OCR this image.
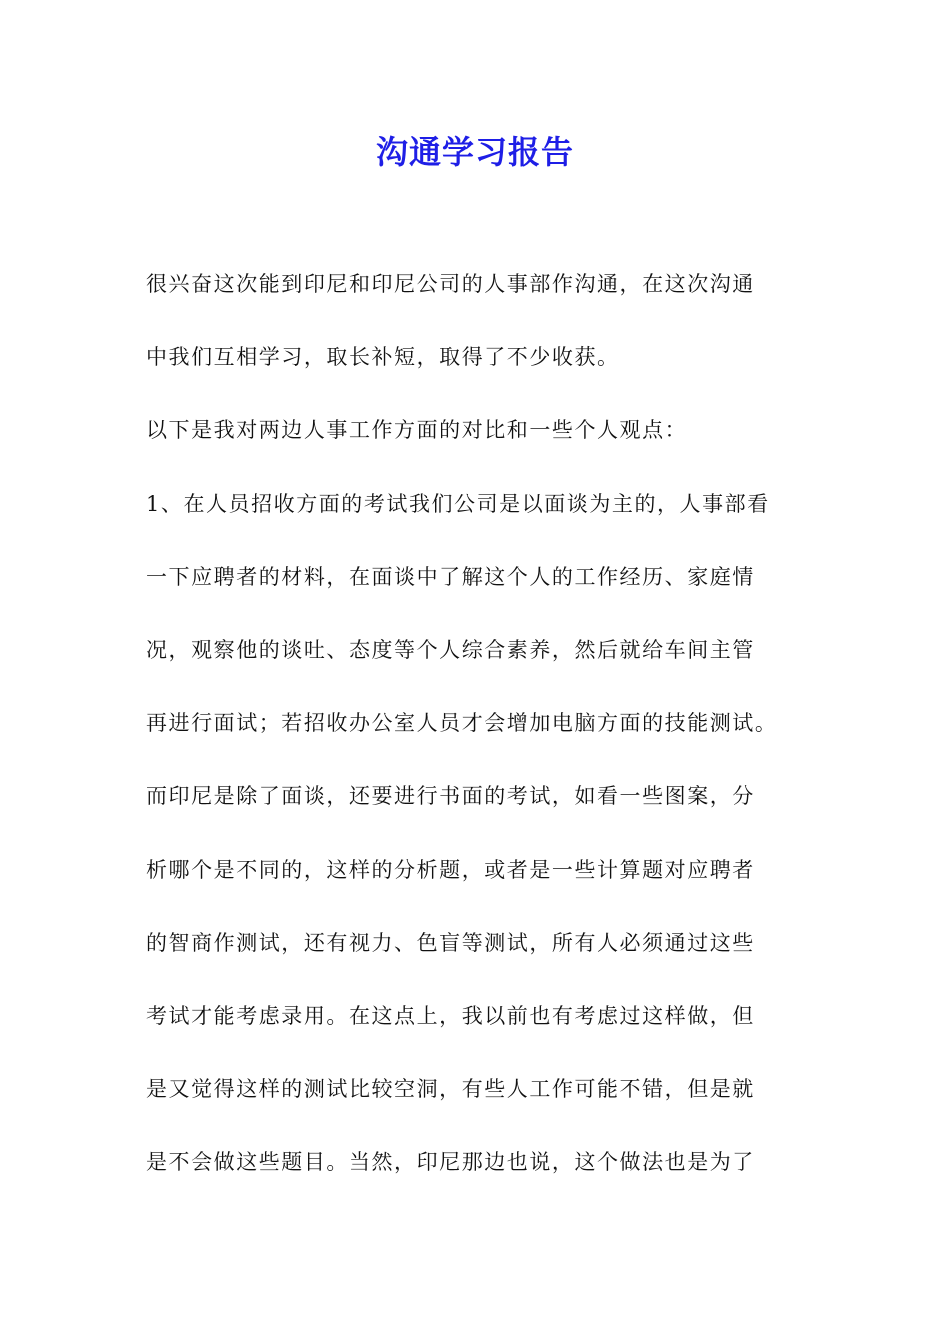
沟通学习报告
很兴奋这次能到印尼和印尼公司的人事部作沟通，在这次沟通
中我们互相学习，取长补短，取得了不少收获。
以下是我对两边人事工作方面的对比和一些个人观点：
1、在人员招收方面的考试我们公司是以面谈为主的，人事部看
一下应聘者的材料，在面谈中了解这个人的工作经历、家庭情
况，观察他的谈吐、态度等个人综合素养，然后就给车间主管
再进行面试；若招收办公室人员才会增加电脑方面的技能测试。
而印尼是除了面谈，还要进行书面的考试，如看一些图案，分
析哪个是不同的，这样的分析题，或者是一些计算题对应聘者
的智商作测试，还有视力、色盲等测试，所有人必须通过这些
考试才能考虑录用。在这点上，我以前也有考虑过这样做，但
是又觉得这样的测试比较空洞，有些人工作可能不错，但是就
是不会做这些题目。当然，印尼那边也说，这个做法也是为了
